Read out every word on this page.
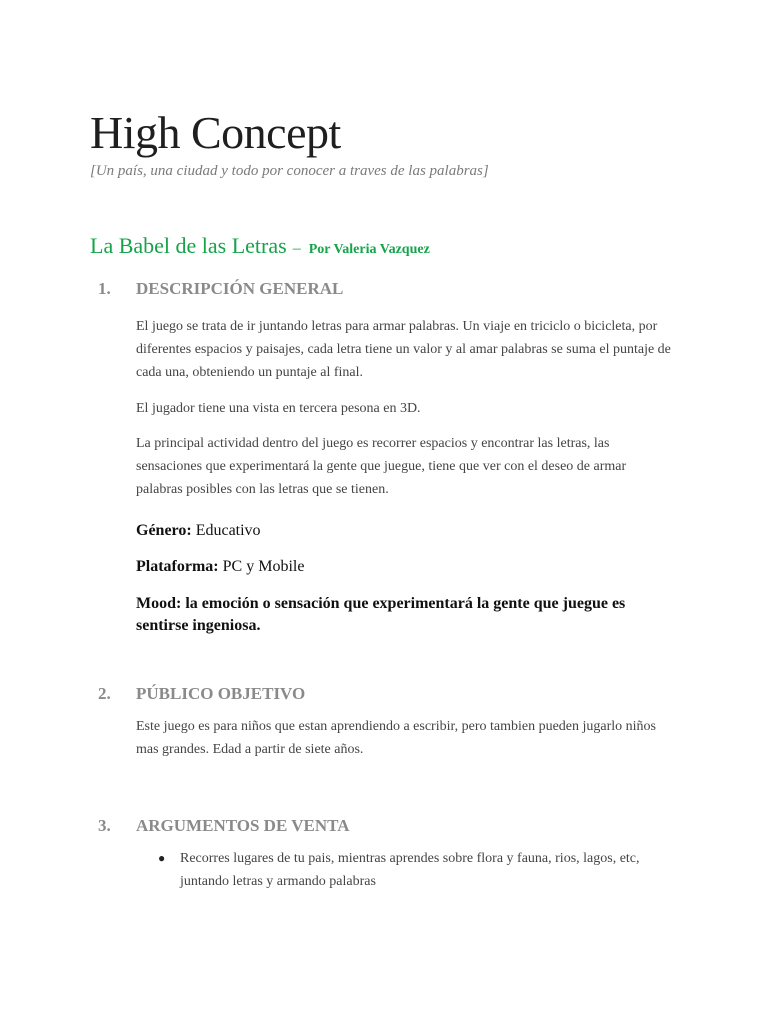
High Concept
[Un país, una ciudad y todo por conocer a traves de las palabras]
La Babel de las Letras – Por Valeria Vazquez
1. DESCRIPCIÓN GENERAL
El juego se trata de ir juntando letras para armar palabras. Un viaje en triciclo o bicicleta, por diferentes espacios y paisajes, cada letra tiene un valor y al amar palabras se suma el puntaje de cada una, obteniendo un puntaje al final.
El jugador tiene una vista en tercera pesona en 3D.
La principal actividad dentro del juego es recorrer espacios y encontrar las letras, las sensaciones que experimentará la gente que juegue, tiene que ver con el deseo de armar palabras posibles con las letras que se tienen.
Género: Educativo
Plataforma: PC y Mobile
Mood: la emoción o sensación que experimentará la gente que juegue es sentirse ingeniosa.
2. PÚBLICO OBJETIVO
Este juego es para niños que estan aprendiendo a escribir, pero tambien pueden jugarlo niños mas grandes. Edad a partir de siete años.
3. ARGUMENTOS DE VENTA
● Recorres lugares de tu pais, mientras aprendes sobre flora y fauna, rios, lagos, etc, juntando letras y armando palabras
